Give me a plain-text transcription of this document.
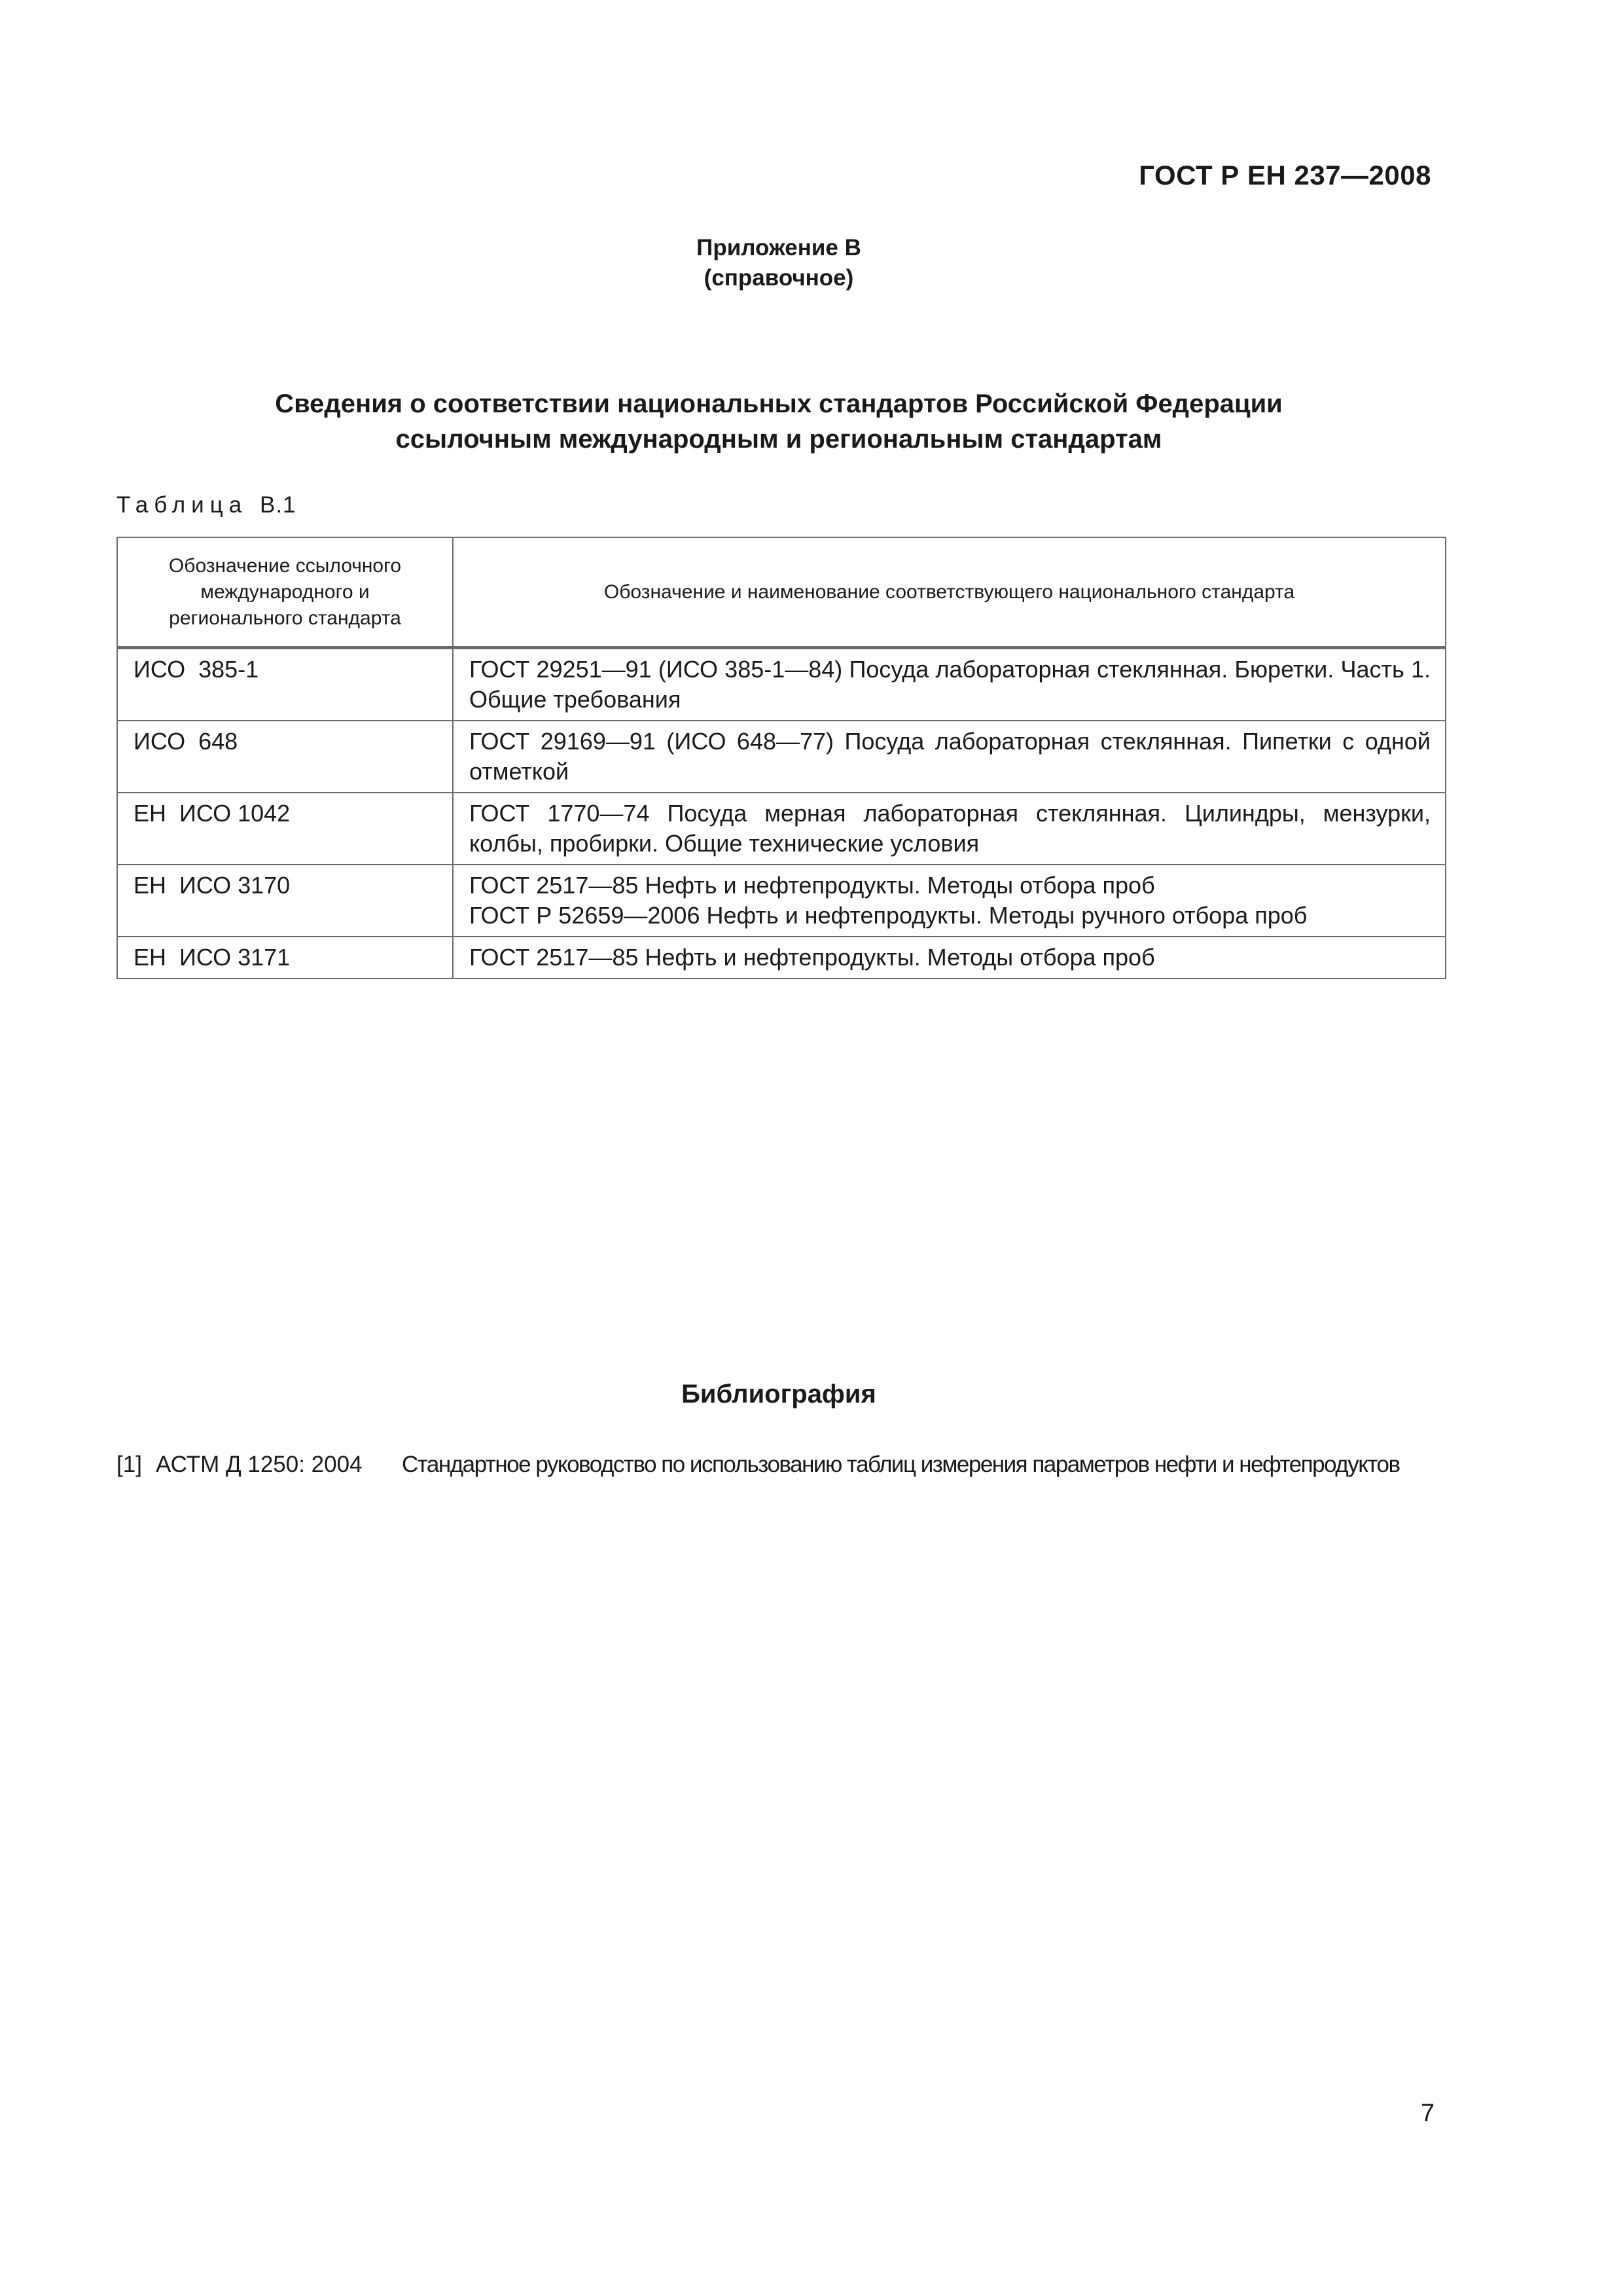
ГОСТ Р ЕН 237—2008
Приложение В
(справочное)
Сведения о соответствии национальных стандартов Российской Федерации
ссылочным международным и региональным стандартам
Таблица В.1
Обозначение ссылочного международного и регионального стандарта	Обозначение и наименование соответствующего национального стандарта
ИСО  385-1	ГОСТ 29251—91 (ИСО 385-1—84) Посуда лабораторная стеклянная. Бюретки. Часть 1. Общие требования

ИСО  648	ГОСТ 29169—91 (ИСО 648—77) Посуда лабораторная стеклянная. Пипетки с одной отметкой

ЕН  ИСО 1042	ГОСТ 1770—74 Посуда мерная лабораторная стеклянная. Цилиндры, мензурки, колбы, пробирки. Общие технические условия

ЕН  ИСО 3170	ГОСТ 2517—85 Нефть и нефтепродукты. Методы отбора проб
ГОСТ Р 52659—2006 Нефть и нефтепродукты. Методы ручного отбора проб

ЕН  ИСО 3171	ГОСТ 2517—85 Нефть и нефтепродукты. Методы отбора проб
Библиография
[1] АСТМ Д 1250: 2004 Стандартное руководство по использованию таблиц измерения параметров нефти и нефтепродуктов
7
